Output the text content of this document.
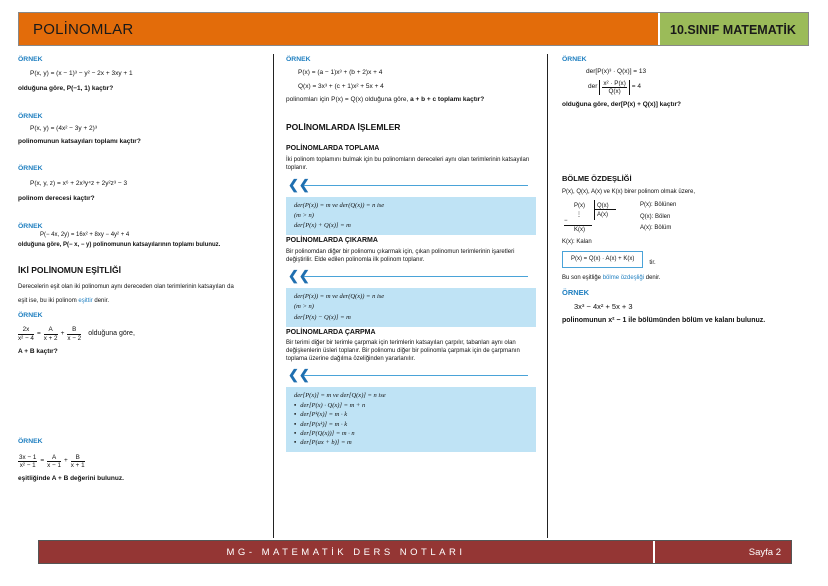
POLİNOMLAR	10.SINIF MATEMATİK
ÖRNEK
P(x, y) = (x − 1)³ − y² − 2x + 3xy + 1
olduğuna göre, P(−1, 1) kaçtır?
ÖRNEK
P(x, y) = (4x² − 3y + 2)³
polinomunun katsayıları toplamı kaçtır?
ÖRNEK
P(x, y, z) = x⁶ + 2x³y⁴z + 2y²z³ − 3
polinom derecesi kaçtır?
ÖRNEK
P(− 4x, 2y) = 16x² + 8xy − 4y² + 4
olduğuna göre, P(− x, − y) polinomunun katsayılarının toplamı bulunuz.
İKİ POLİNOMUN EŞİTLİĞİ
Derecelerin eşit olan iki polinomun aynı dereceden olan terimlerinin katsayıları da
eşit ise, bu iki polinom eşittir denir.
ÖRNEK
$\frac{2x}{\text{x² − 4}} = \frac{A}{x + 2} + \frac{B}{x - 2}$ olduğuna göre,
A + B kaçtır?
ÖRNEK
$\frac{3x - 1}{\text{x² − 1}} = \frac{A}{x - 1} + \frac{B}{x + 1}$
eşitliğinde A + B değerini bulunuz.
ÖRNEK
P(x) = (a − 1)x³ + (b + 2)x + 4
Q(x) = 3x³ + (c + 1)x² + 5x + 4
polinomları için P(x) = Q(x) olduğuna göre, a + b + c toplamı kaçtır?
POLİNOMLARDA İŞLEMLER
POLİNOMLARDA TOPLAMA
İki polinom toplamını bulmak için bu polinomların dereceleri aynı olan terimlerinin katsayıları toplanır.
❮❮
der(P(x)) = m ve der(Q(x)) = n ise
(m > n)
der[P(x) + Q(x)] = m
POLİNOMLARDA ÇIKARMA
Bir polinomdan diğer bir polinomu çıkarmak için, çıkan polinomun terimlerinin işaretleri değiştirilir. Elde edilen polinomla ilk polinom toplanır.
❮❮
der(P(x)) = m ve der(Q(x)) = n ise
(m > n)
der[P(x) − Q(x)] = m
POLİNOMLARDA ÇARPMA
Bir terimi diğer bir terimle çarpmak için terimlerin katsayıları çarpılır, tabanları aynı olan değişkenlerin üsleri toplanır. Bir polinomu diğer bir polinomla çarpmak için de çarpmanın toplama üzerine dağılma özeliğinden yararlanılır.
❮❮
der[P(x)] = m ve der[Q(x)] = n ise
• der[P(x) · Q(x)] = m + n
• der[Pᵏ(x)] = m · k
• der[P(xᵏ)] = m · k
• der[P(Q(x))] = m · n
• der[P(ax + b)] = m
ÖRNEK
der[P(x)³ · Q(x)] = 13
der $\frac{\text{x² · P(x)}}{Q(x)} = 4$
olduğuna göre, der[P(x) + Q(x)] kaçtır?
BÖLME ÖZDEŞLİĞİ
P(x), Q(x), A(x) ve K(x) birer polinom olmak üzere,
P(x) Q(x)
A(x)
⋮
−
K(x)
P(x): Bölünen
Q(x): Bölen
A(x): Bölüm
K(x): Kalan
P(x) = Q(x) · A(x) + K(x)
tir.
Bu son eşitliğe bölme özdeşliği denir.
ÖRNEK
3x³ − 4x² + 5x + 3
polinomunun x² − 1 ile bölümünden bölüm ve kalanı bulunuz.
MG- MATEMATİK DERS NOTLARI	Sayfa 2
